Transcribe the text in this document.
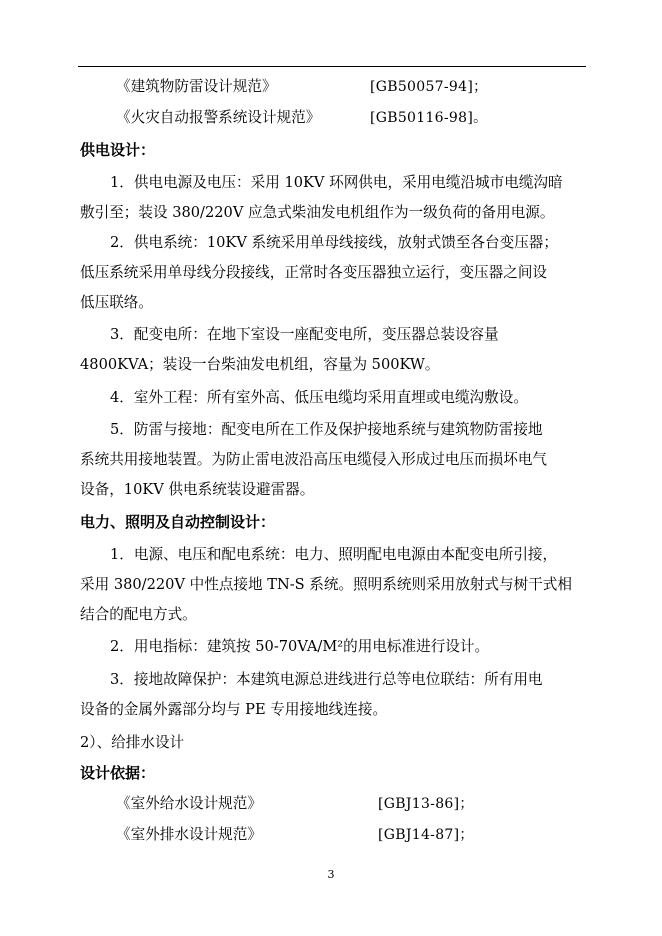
《建筑物防雷设计规范》	[GB50057-94]；
《火灾自动报警系统设计规范》	[GB50116-98]。
供电设计：
1．供电电源及电压：采用 10KV 环网供电，采用电缆沿城市电缆沟暗
敷引至；装设 380/220V 应急式柴油发电机组作为一级负荷的备用电源。
2．供电系统：10KV 系统采用单母线接线，放射式馈至各台变压器；
低压系统采用单母线分段接线，正常时各变压器独立运行，变压器之间设
低压联络。
3．配变电所：在地下室设一座配变电所，变压器总装设容量
4800KVA；装设一台柴油发电机组，容量为 500KW。
4．室外工程：所有室外高、低压电缆均采用直埋或电缆沟敷设。
5．防雷与接地：配变电所在工作及保护接地系统与建筑物防雷接地
系统共用接地装置。为防止雷电波沿高压电缆侵入形成过电压而损坏电气
设备，10KV 供电系统装设避雷器。
电力、照明及自动控制设计：
1．电源、电压和配电系统：电力、照明配电电源由本配变电所引接，
采用 380/220V 中性点接地 TN-S 系统。照明系统则采用放射式与树干式相
结合的配电方式。
2．用电指标：建筑按 50-70VA/M²的用电标准进行设计。
3．接地故障保护：本建筑电源总进线进行总等电位联结：所有用电
设备的金属外露部分均与 PE 专用接地线连接。
2）、给排水设计
设计依据：
《室外给水设计规范》	[GBJ13-86]；
《室外排水设计规范》	[GBJ14-87]；
3
